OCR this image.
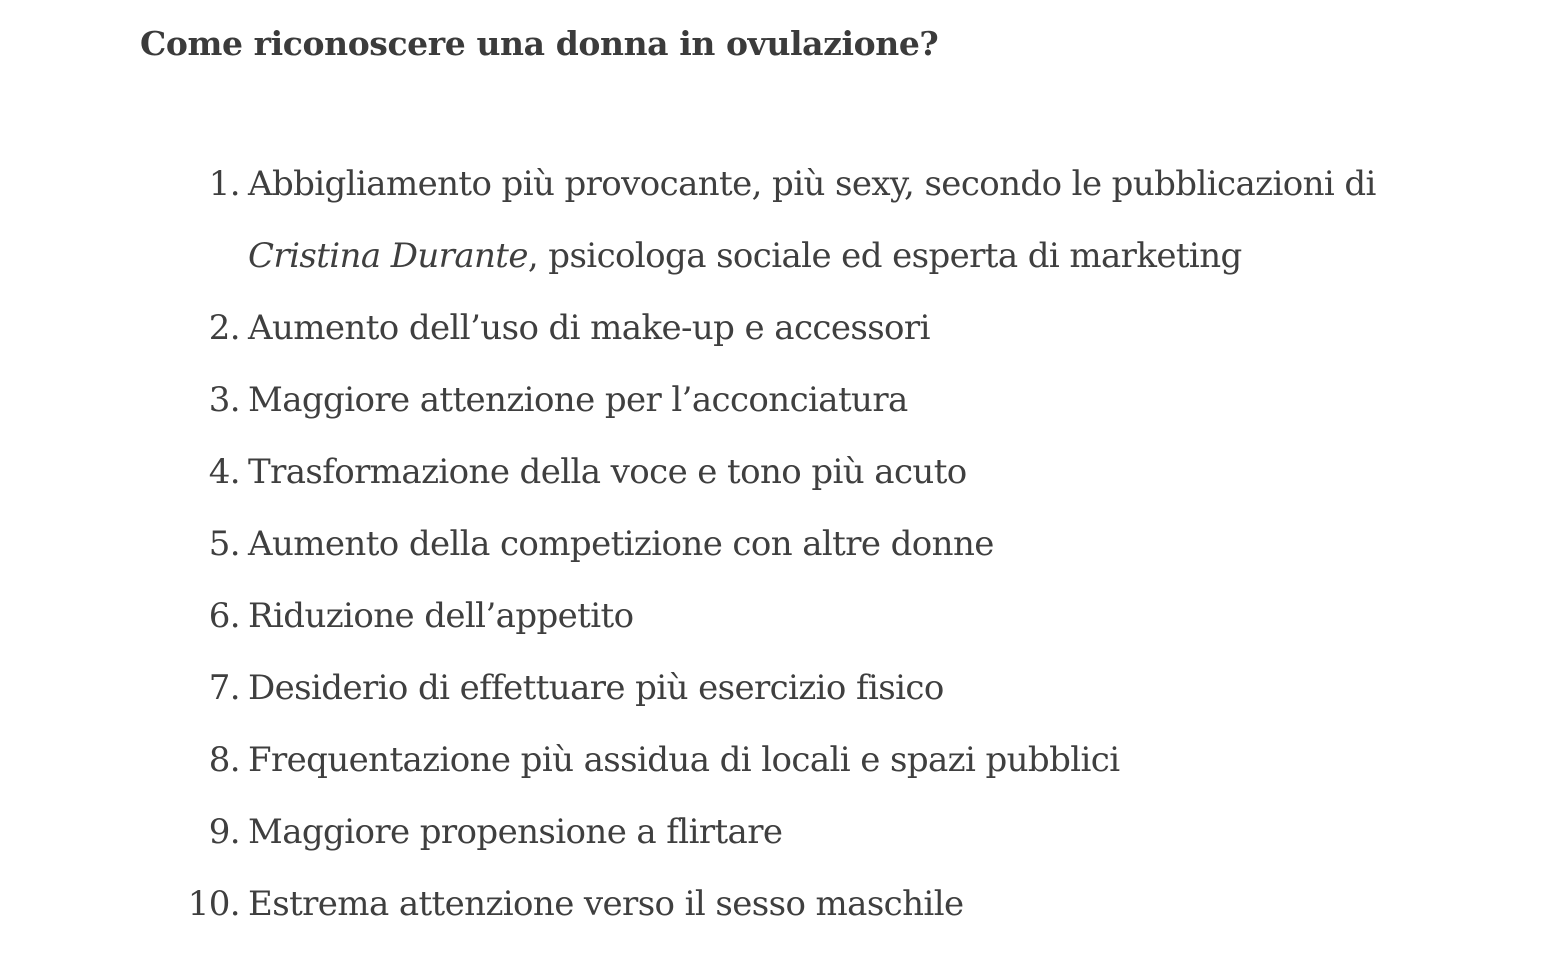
Come riconoscere una donna in ovulazione?
1. Abbigliamento più provocante, più sexy, secondo le pubblicazioni di Cristina Durante, psicologa sociale ed esperta di marketing
2. Aumento dell’uso di make-up e accessori
3. Maggiore attenzione per l’acconciatura
4. Trasformazione della voce e tono più acuto
5. Aumento della competizione con altre donne
6. Riduzione dell’appetito
7. Desiderio di effettuare più esercizio fisico
8. Frequentazione più assidua di locali e spazi pubblici
9. Maggiore propensione a flirtare
10. Estrema attenzione verso il sesso maschile
